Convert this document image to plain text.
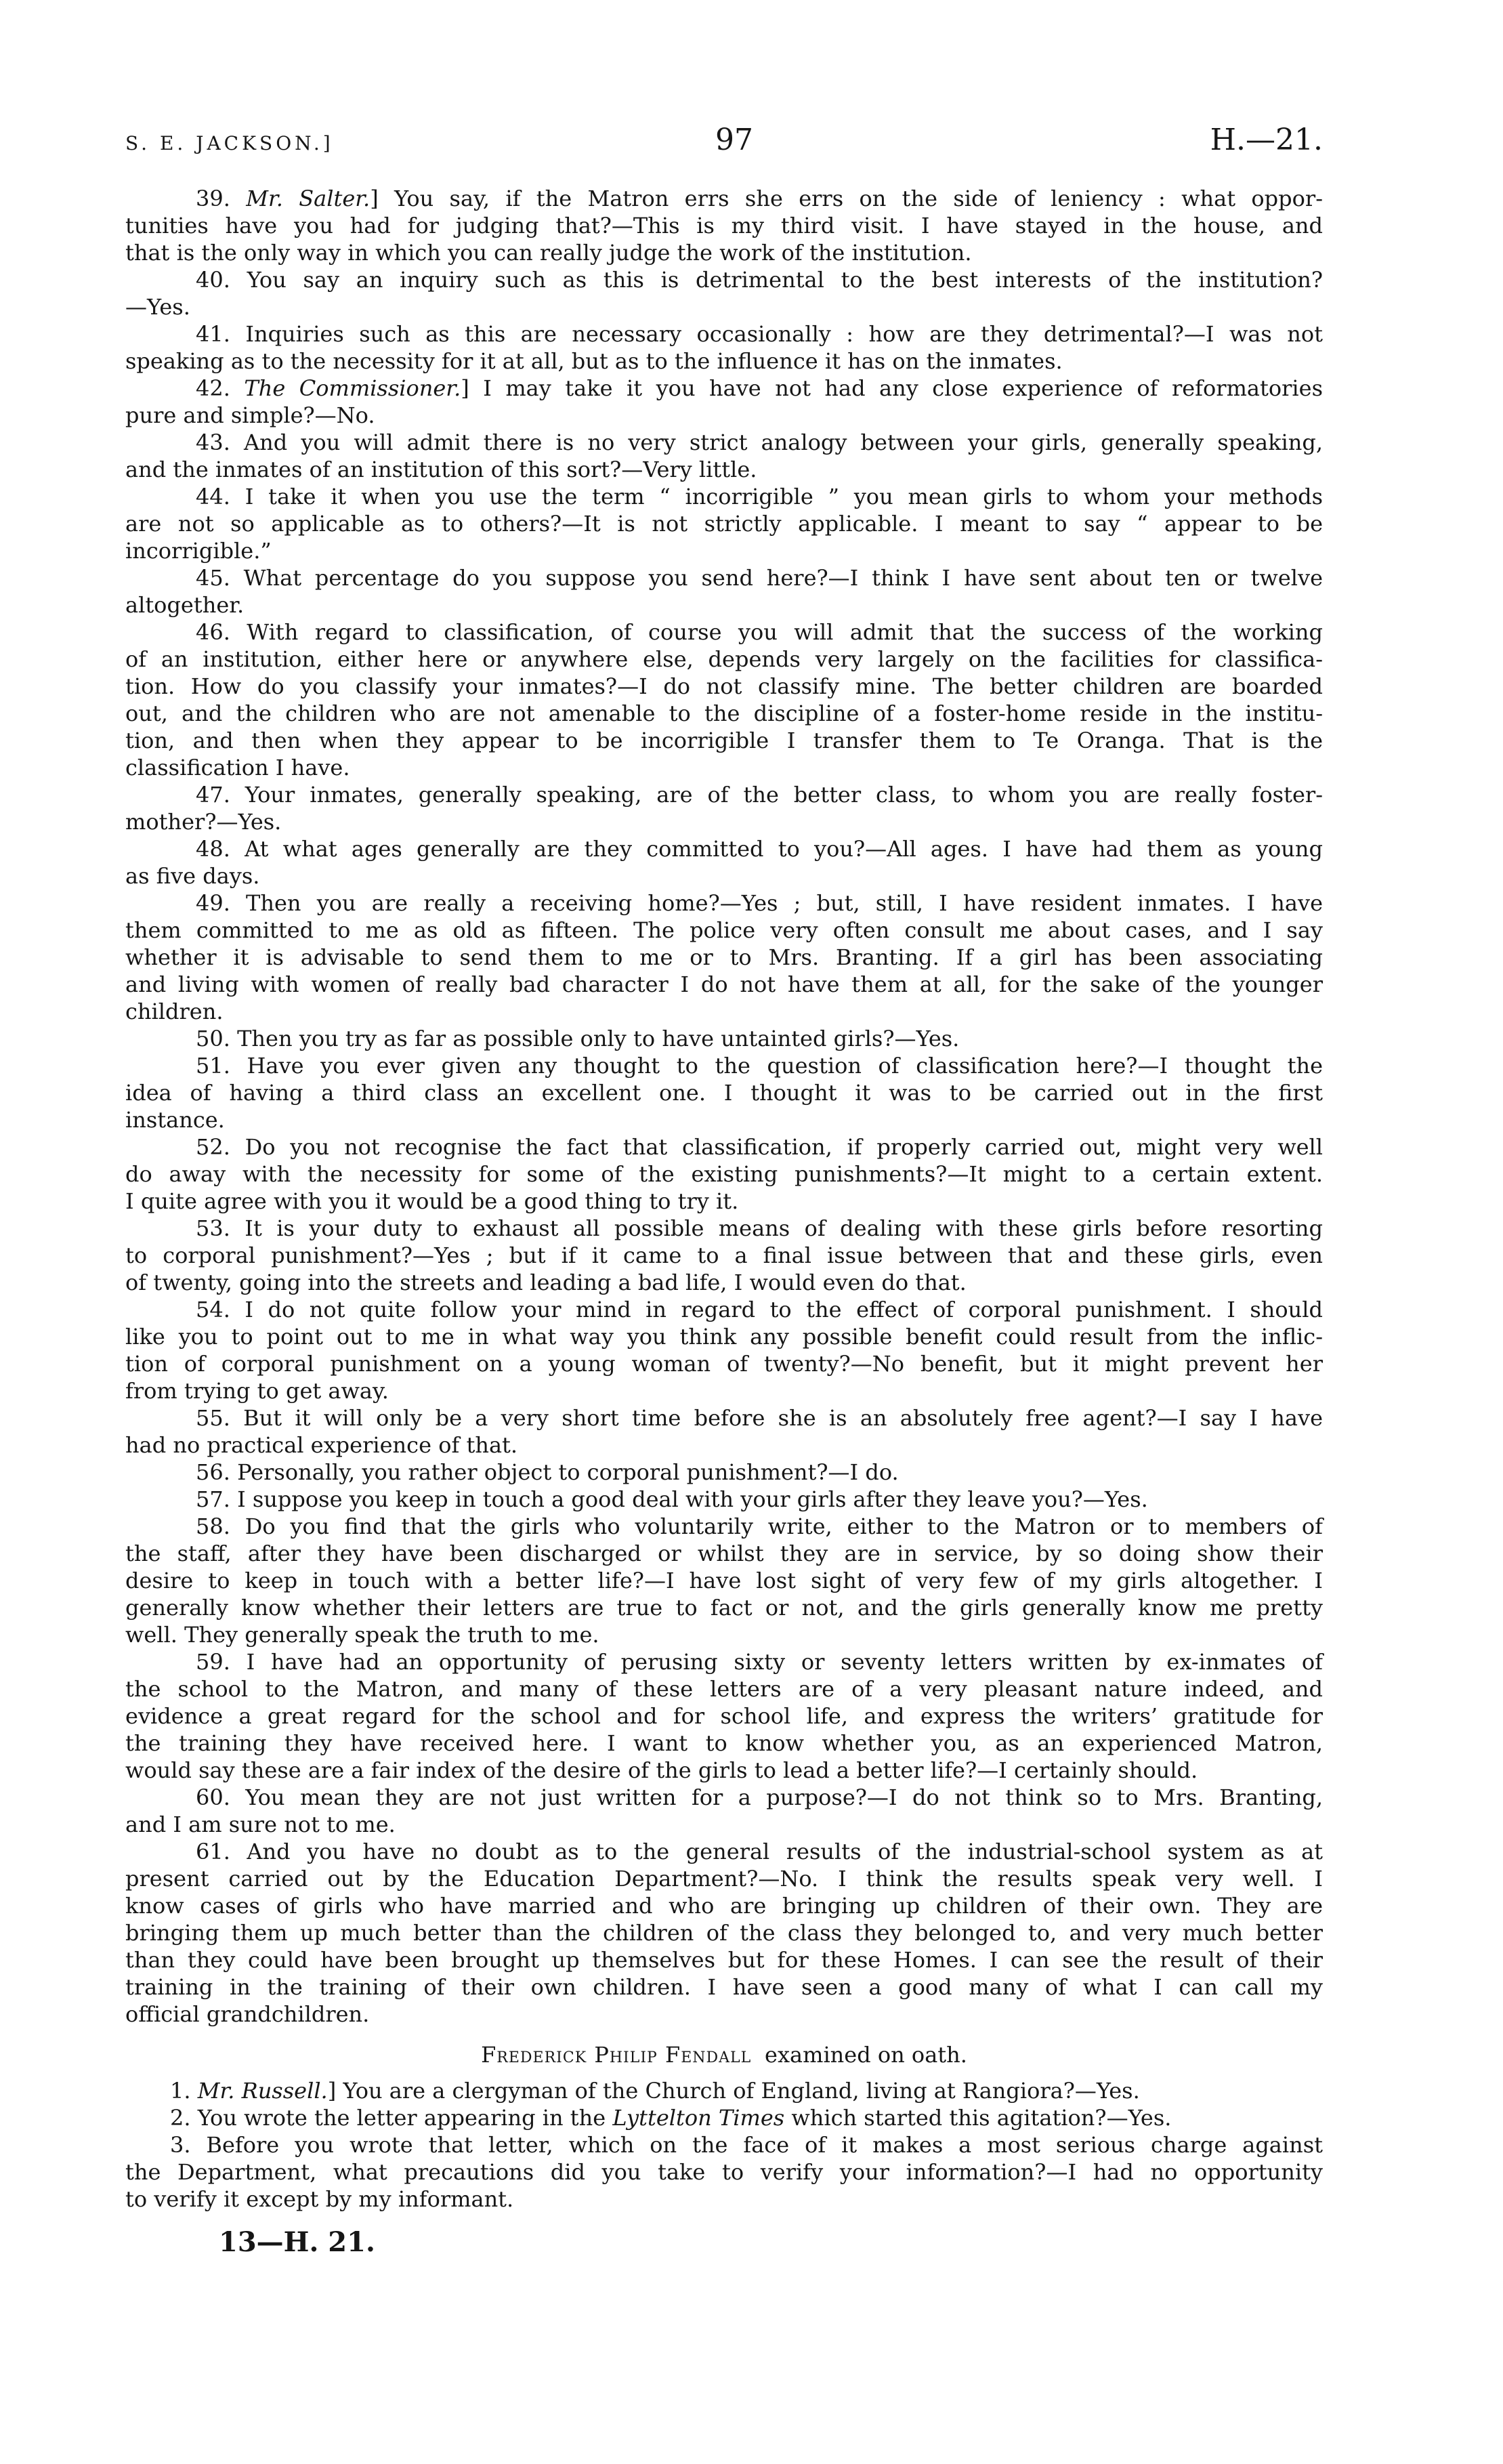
S. E. JACKSON.]	97	H.—21.
39. Mr. Salter.] You say, if the Matron errs she errs on the side of leniency : what oppor-
tunities have you had for judging that?—This is my third visit. I have stayed in the house, and
that is the only way in which you can really judge the work of the institution.
40. You say an inquiry such as this is detrimental to the best interests of the institution?
—Yes.
41. Inquiries such as this are necessary occasionally : how are they detrimental?—I was not
speaking as to the necessity for it at all, but as to the influence it has on the inmates.
42. The Commissioner.] I may take it you have not had any close experience of reformatories
pure and simple?—No.
43. And you will admit there is no very strict analogy between your girls, generally speaking,
and the inmates of an institution of this sort?—Very little.
44. I take it when you use the term “ incorrigible ” you mean girls to whom your methods
are not so applicable as to others?—It is not strictly applicable. I meant to say “ appear to be
incorrigible.”
45. What percentage do you suppose you send here?—I think I have sent about ten or twelve
altogether.
46. With regard to classification, of course you will admit that the success of the working
of an institution, either here or anywhere else, depends very largely on the facilities for classifica-
tion. How do you classify your inmates?—I do not classify mine. The better children are boarded
out, and the children who are not amenable to the discipline of a foster-home reside in the institu-
tion, and then when they appear to be incorrigible I transfer them to Te Oranga. That is the
classification I have.
47. Your inmates, generally speaking, are of the better class, to whom you are really foster-
mother?—Yes.
48. At what ages generally are they committed to you?—All ages. I have had them as young
as five days.
49. Then you are really a receiving home?—Yes ; but, still, I have resident inmates. I have
them committed to me as old as fifteen. The police very often consult me about cases, and I say
whether it is advisable to send them to me or to Mrs. Branting. If a girl has been associating
and living with women of really bad character I do not have them at all, for the sake of the younger
children.
50. Then you try as far as possible only to have untainted girls?—Yes.
51. Have you ever given any thought to the question of classification here?—I thought the
idea of having a third class an excellent one. I thought it was to be carried out in the first
instance.
52. Do you not recognise the fact that classification, if properly carried out, might very well
do away with the necessity for some of the existing punishments?—It might to a certain extent.
I quite agree with you it would be a good thing to try it.
53. It is your duty to exhaust all possible means of dealing with these girls before resorting
to corporal punishment?—Yes ; but if it came to a final issue between that and these girls, even
of twenty, going into the streets and leading a bad life, I would even do that.
54. I do not quite follow your mind in regard to the effect of corporal punishment. I should
like you to point out to me in what way you think any possible benefit could result from the inflic-
tion of corporal punishment on a young woman of twenty?—No benefit, but it might prevent her
from trying to get away.
55. But it will only be a very short time before she is an absolutely free agent?—I say I have
had no practical experience of that.
56. Personally, you rather object to corporal punishment?—I do.
57. I suppose you keep in touch a good deal with your girls after they leave you?—Yes.
58. Do you find that the girls who voluntarily write, either to the Matron or to members of
the staff, after they have been discharged or whilst they are in service, by so doing show their
desire to keep in touch with a better life?—I have lost sight of very few of my girls altogether. I
generally know whether their letters are true to fact or not, and the girls generally know me pretty
well. They generally speak the truth to me.
59. I have had an opportunity of perusing sixty or seventy letters written by ex-inmates of
the school to the Matron, and many of these letters are of a very pleasant nature indeed, and
evidence a great regard for the school and for school life, and express the writers’ gratitude for
the training they have received here. I want to know whether you, as an experienced Matron,
would say these are a fair index of the desire of the girls to lead a better life?—I certainly should.
60. You mean they are not just written for a purpose?—I do not think so to Mrs. Branting,
and I am sure not to me.
61. And you have no doubt as to the general results of the industrial-school system as at
present carried out by the Education Department?—No. I think the results speak very well. I
know cases of girls who have married and who are bringing up children of their own. They are
bringing them up much better than the children of the class they belonged to, and very much better
than they could have been brought up themselves but for these Homes. I can see the result of their
training in the training of their own children. I have seen a good many of what I can call my
official grandchildren.
Frederick Philip Fendall examined on oath.
1. Mr. Russell.] You are a clergyman of the Church of England, living at Rangiora?—Yes.
2. You wrote the letter appearing in the Lyttelton Times which started this agitation?—Yes.
3. Before you wrote that letter, which on the face of it makes a most serious charge against
the Department, what precautions did you take to verify your information?—I had no opportunity
to verify it except by my informant.
13—H. 21.
